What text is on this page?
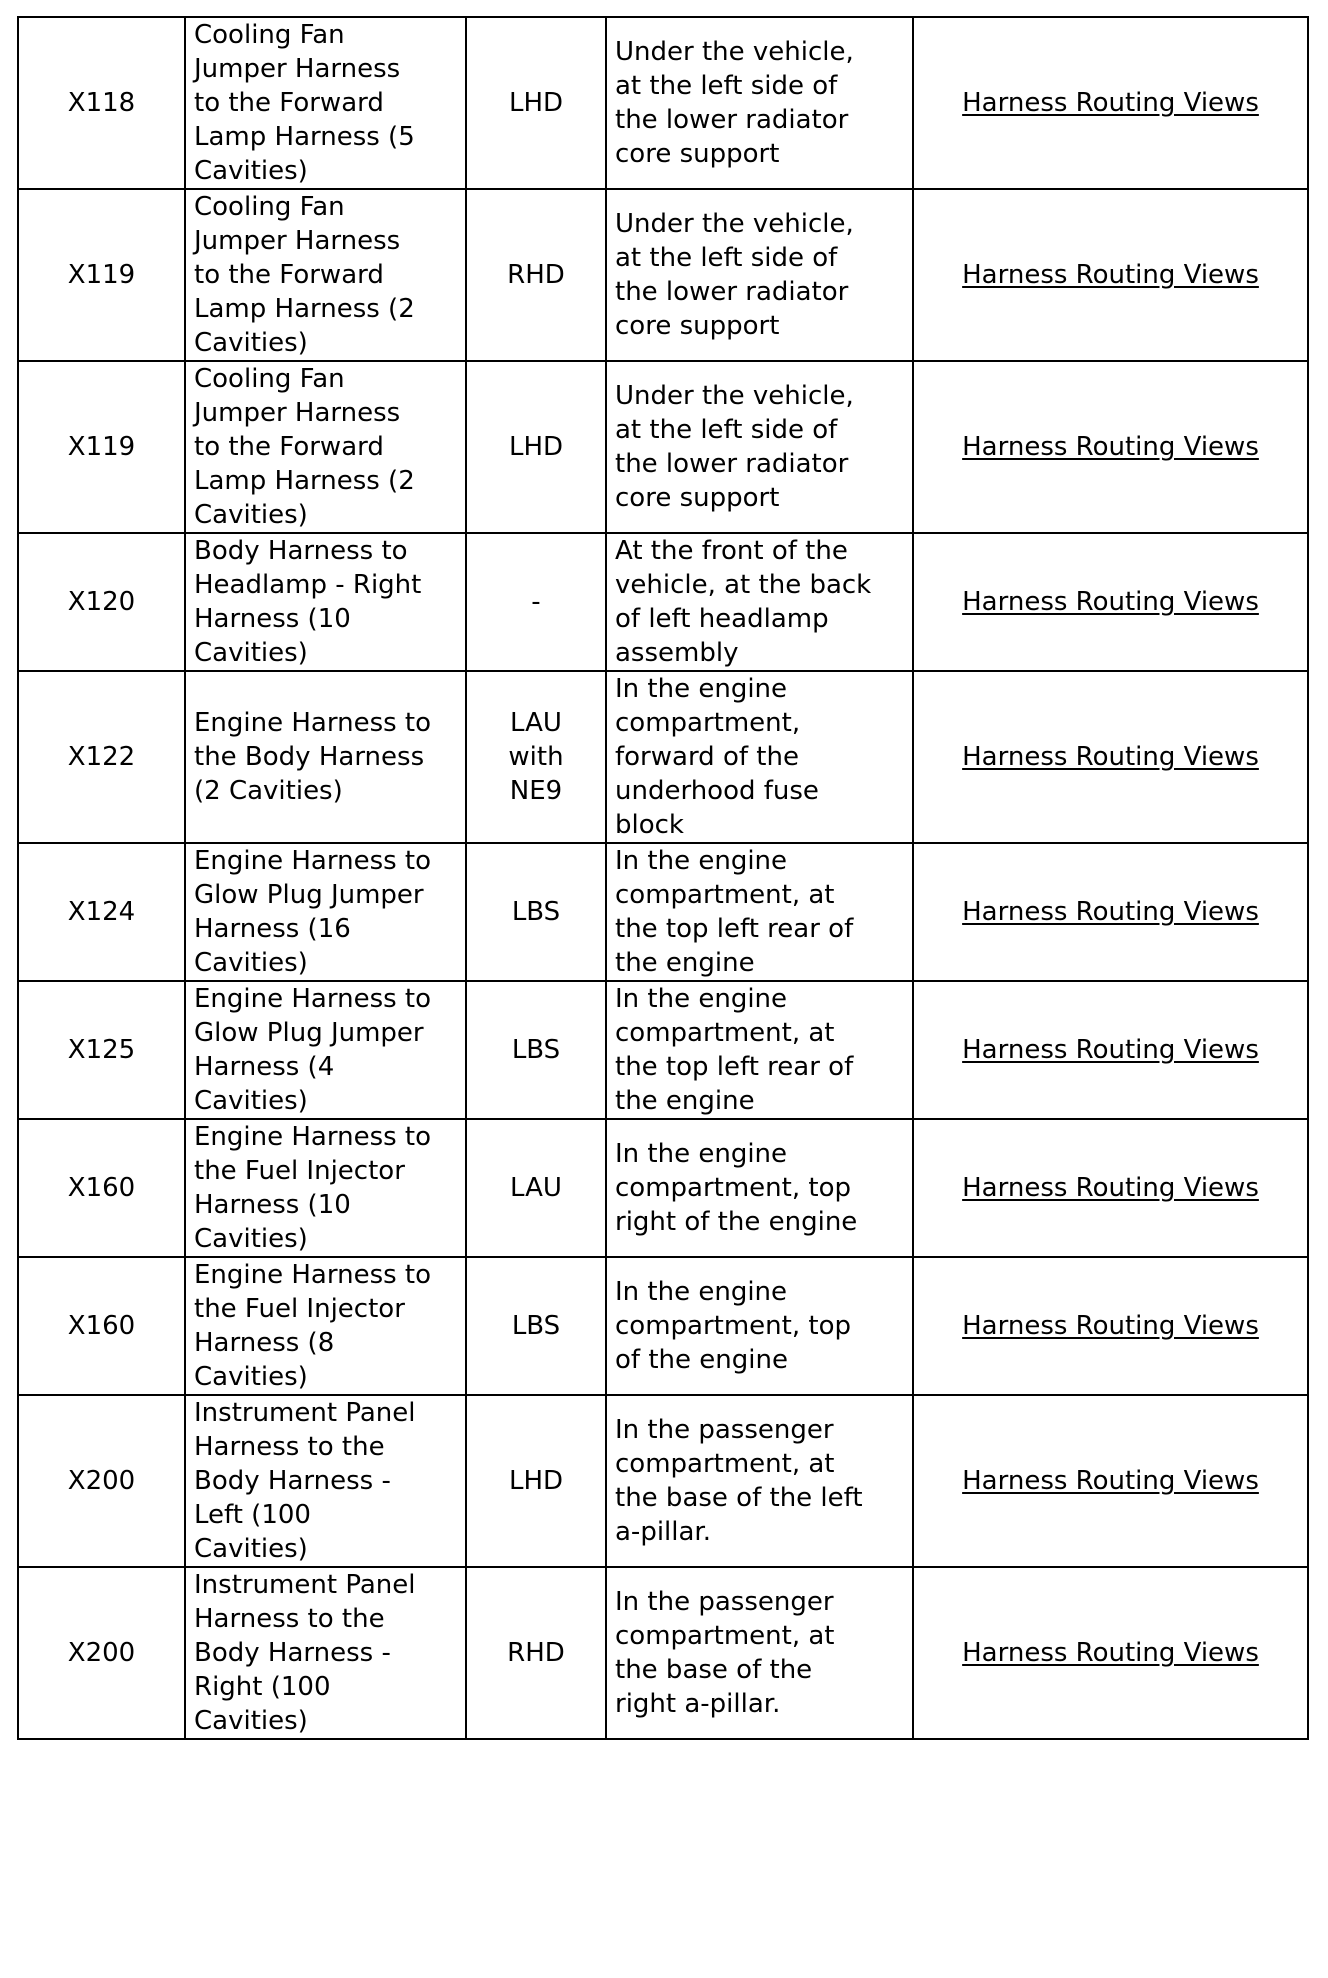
X118	Cooling Fan
Jumper Harness
to the Forward
Lamp Harness (5
Cavities)	LHD	Under the vehicle,
at the left side of
the lower radiator
core support	Harness Routing Views
X119	Cooling Fan
Jumper Harness
to the Forward
Lamp Harness (2
Cavities)	RHD	Under the vehicle,
at the left side of
the lower radiator
core support	Harness Routing Views
X119	Cooling Fan
Jumper Harness
to the Forward
Lamp Harness (2
Cavities)	LHD	Under the vehicle,
at the left side of
the lower radiator
core support	Harness Routing Views
X120	Body Harness to
Headlamp - Right
Harness (10
Cavities)	-	At the front of the
vehicle, at the back
of left headlamp
assembly	Harness Routing Views
X122	Engine Harness to
the Body Harness
(2 Cavities)	LAU
with
NE9	In the engine
compartment,
forward of the
underhood fuse
block	Harness Routing Views
X124	Engine Harness to
Glow Plug Jumper
Harness (16
Cavities)	LBS	In the engine
compartment, at
the top left rear of
the engine	Harness Routing Views
X125	Engine Harness to
Glow Plug Jumper
Harness (4
Cavities)	LBS	In the engine
compartment, at
the top left rear of
the engine	Harness Routing Views
X160	Engine Harness to
the Fuel Injector
Harness (10
Cavities)	LAU	In the engine
compartment, top
right of the engine	Harness Routing Views
X160	Engine Harness to
the Fuel Injector
Harness (8
Cavities)	LBS	In the engine
compartment, top
of the engine	Harness Routing Views
X200	Instrument Panel
Harness to the
Body Harness -
Left (100
Cavities)	LHD	In the passenger
compartment, at
the base of the left
a-pillar.	Harness Routing Views
X200	Instrument Panel
Harness to the
Body Harness -
Right (100
Cavities)	RHD	In the passenger
compartment, at
the base of the
right a-pillar.	Harness Routing Views
